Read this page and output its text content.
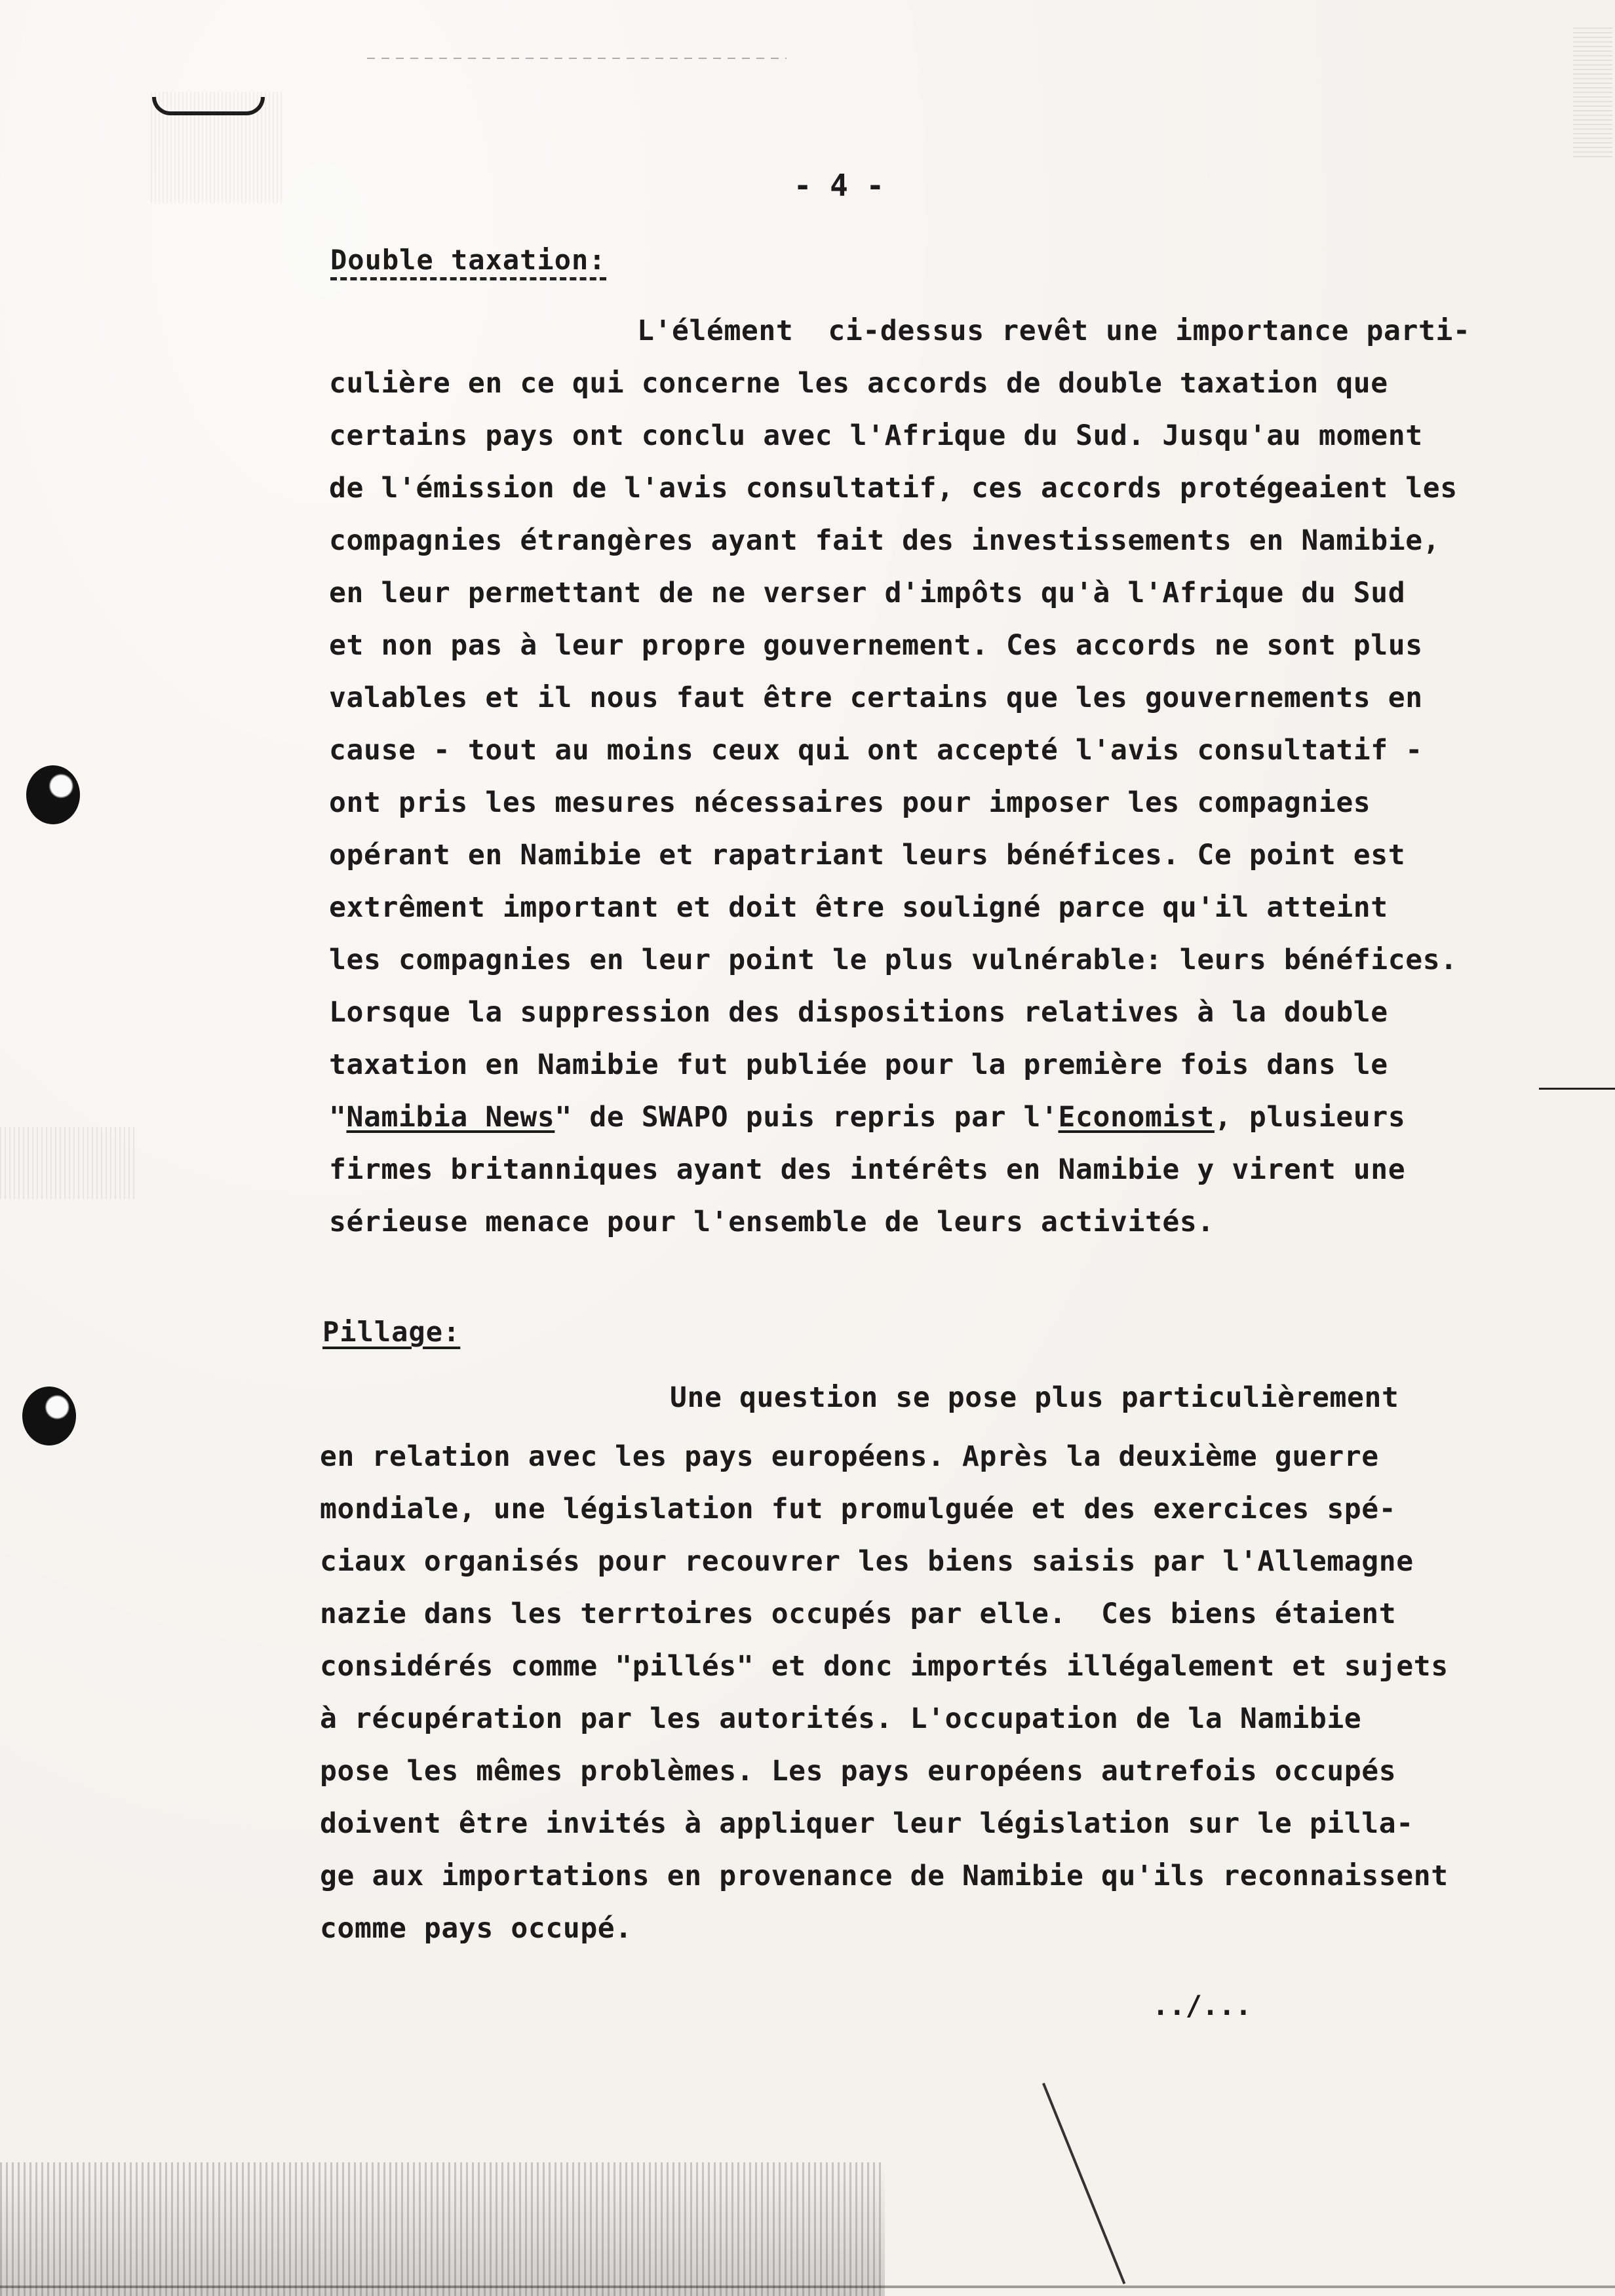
- 4 -
Double taxation:
L'élément  ci-dessus revêt une importance parti-
culière en ce qui concerne les accords de double taxation que
certains pays ont conclu avec l'Afrique du Sud. Jusqu'au moment
de l'émission de l'avis consultatif, ces accords protégeaient les
compagnies étrangères ayant fait des investissements en Namibie,
en leur permettant de ne verser d'impôts qu'à l'Afrique du Sud
et non pas à leur propre gouvernement. Ces accords ne sont plus
valables et il nous faut être certains que les gouvernements en
cause - tout au moins ceux qui ont accepté l'avis consultatif -
ont pris les mesures nécessaires pour imposer les compagnies
opérant en Namibie et rapatriant leurs bénéfices. Ce point est
extrêment important et doit être souligné parce qu'il atteint
les compagnies en leur point le plus vulnérable: leurs bénéfices.
Lorsque la suppression des dispositions relatives à la double
taxation en Namibie fut publiée pour la première fois dans le
"Namibia News" de SWAPO puis repris par l'Economist, plusieurs
firmes britanniques ayant des intérêts en Namibie y virent une
sérieuse menace pour l'ensemble de leurs activités.
Pillage:
Une question se pose plus particulièrement
en relation avec les pays européens. Après la deuxième guerre
mondiale, une législation fut promulguée et des exercices spé-
ciaux organisés pour recouvrer les biens saisis par l'Allemagne
nazie dans les terrtoires occupés par elle.  Ces biens étaient
considérés comme "pillés" et donc importés illégalement et sujets
à récupération par les autorités. L'occupation de la Namibie
pose les mêmes problèmes. Les pays européens autrefois occupés
doivent être invités à appliquer leur législation sur le pilla-
ge aux importations en provenance de Namibie qu'ils reconnaissent
comme pays occupé.
../...
